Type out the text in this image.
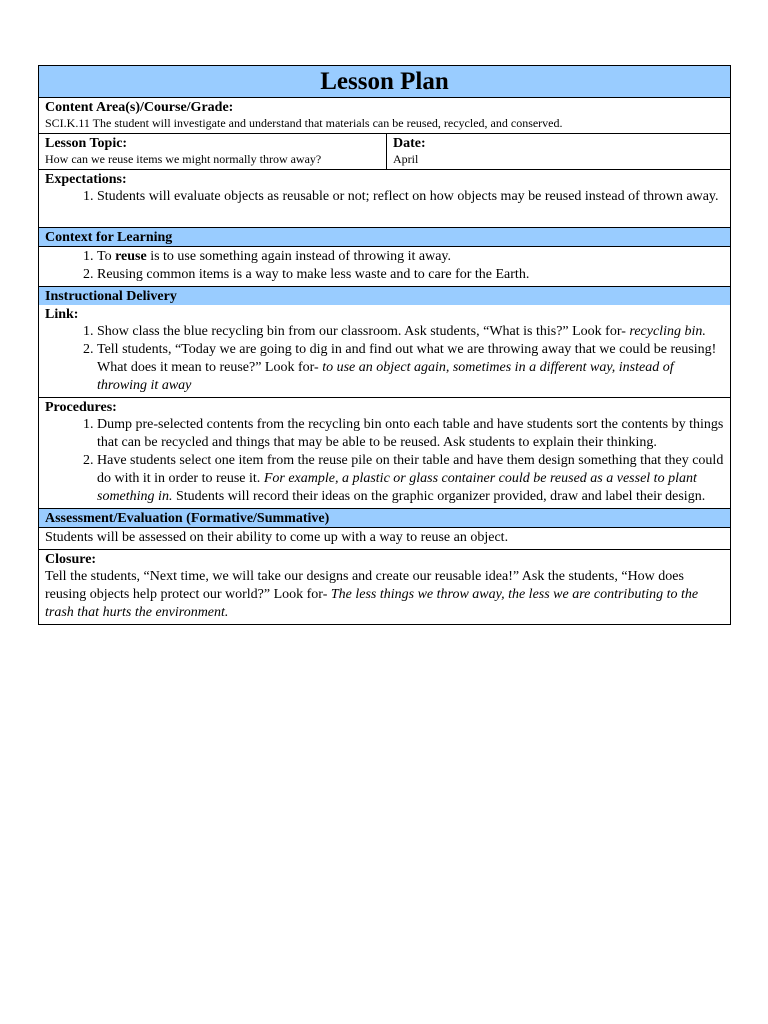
Lesson Plan
Content Area(s)/Course/Grade:
SCI.K.11 The student will investigate and understand that materials can be reused, recycled, and conserved.
Lesson Topic:
How can we reuse items we might normally throw away?
Date:
April
Expectations:
1. Students will evaluate objects as reusable or not; reflect on how objects may be reused instead of thrown away.
Context for Learning
1. To reuse is to use something again instead of throwing it away.
2. Reusing common items is a way to make less waste and to care for the Earth.
Instructional Delivery
Link:
1. Show class the blue recycling bin from our classroom. Ask students, “What is this?” Look for- recycling bin.
2. Tell students, “Today we are going to dig in and find out what we are throwing away that we could be reusing! What does it mean to reuse?” Look for- to use an object again, sometimes in a different way, instead of throwing it away
Procedures:
1. Dump pre-selected contents from the recycling bin onto each table and have students sort the contents by things that can be recycled and things that may be able to be reused. Ask students to explain their thinking.
2. Have students select one item from the reuse pile on their table and have them design something that they could do with it in order to reuse it. For example, a plastic or glass container could be reused as a vessel to plant something in. Students will record their ideas on the graphic organizer provided, draw and label their design.
Assessment/Evaluation (Formative/Summative)
Students will be assessed on their ability to come up with a way to reuse an object.
Closure:
Tell the students, “Next time, we will take our designs and create our reusable idea!” Ask the students, “How does reusing objects help protect our world?” Look for- The less things we throw away, the less we are contributing to the trash that hurts the environment.
